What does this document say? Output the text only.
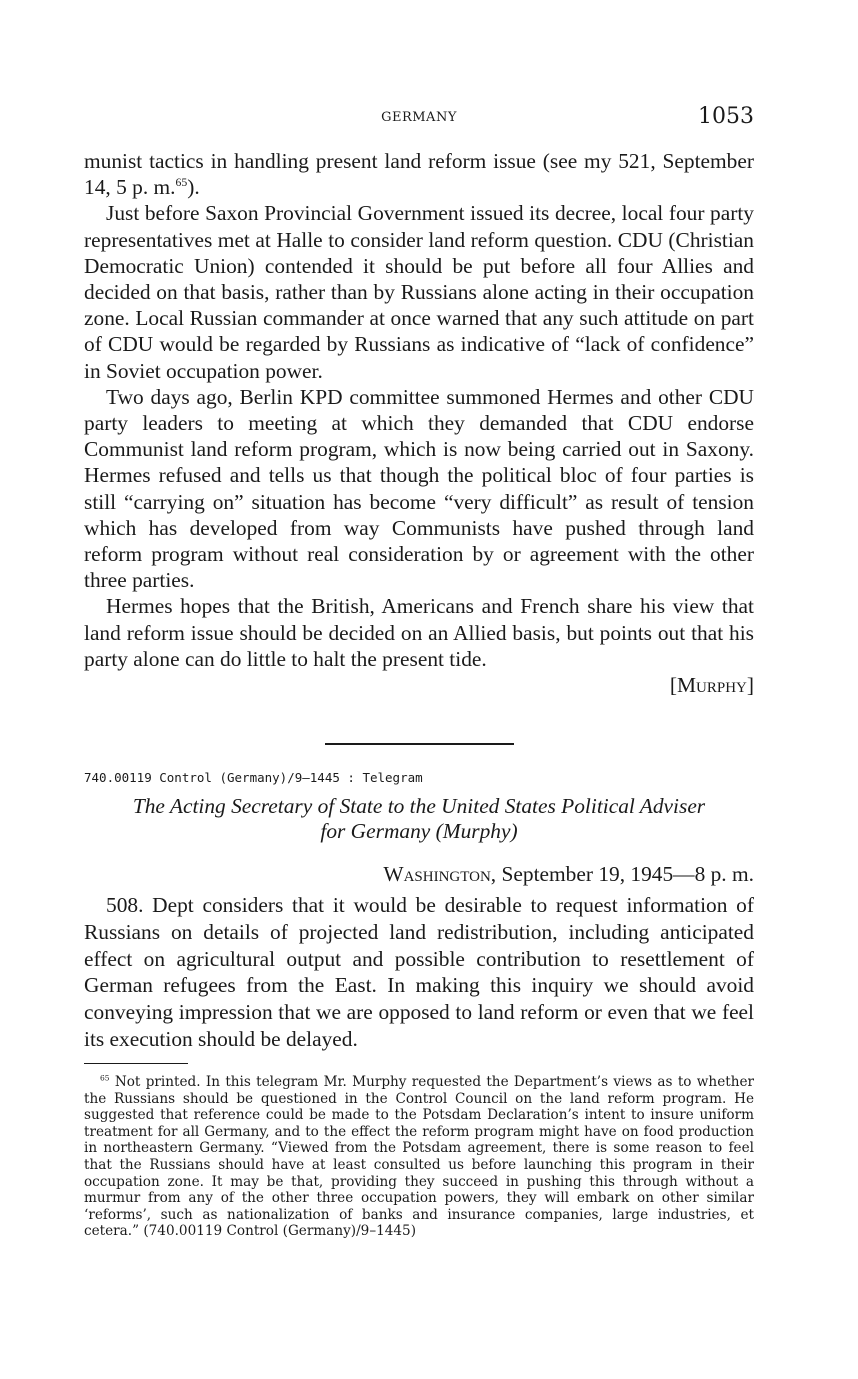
GERMANY	1053

munist tactics in handling present land reform issue (see my 521, September 14, 5 p. m.$^{65}$).

Just before Saxon Provincial Government issued its decree, local four party representatives met at Halle to consider land reform question. CDU (Christian Democratic Union) contended it should be put before all four Allies and decided on that basis, rather than by Russians alone acting in their occupation zone. Local Russian commander at once warned that any such attitude on part of CDU would be regarded by Russians as indicative of “lack of confidence” in Soviet occupation power.

Two days ago, Berlin KPD committee summoned Hermes and other CDU party leaders to meeting at which they demanded that CDU endorse Communist land reform program, which is now being carried out in Saxony. Hermes refused and tells us that though the political bloc of four parties is still “carrying on” situation has become “very difficult” as result of tension which has developed from way Communists have pushed through land reform program without real consideration by or agreement with the other three parties.

Hermes hopes that the British, Americans and French share his view that land reform issue should be decided on an Allied basis, but points out that his party alone can do little to halt the present tide.

[Murphy]

740.00119 Control (Germany)/9–1445 : Telegram
The Acting Secretary of State to the United States Political Adviser
for Germany (Murphy)
Washington, September 19, 1945—8 p. m.

508. Dept considers that it would be desirable to request information of Russians on details of projected land redistribution, including anticipated effect on agricultural output and possible contribution to resettlement of German refugees from the East. In making this inquiry we should avoid conveying impression that we are opposed to land reform or even that we feel its execution should be delayed.

$^{65}$ Not printed. In this telegram Mr. Murphy requested the Department’s views as to whether the Russians should be questioned in the Control Council on the land reform program. He suggested that reference could be made to the Potsdam Declaration’s intent to insure uniform treatment for all Germany, and to the effect the reform program might have on food production in northeastern Germany. “Viewed from the Potsdam agreement, there is some reason to feel that the Russians should have at least consulted us before launching this program in their occupation zone. It may be that, providing they succeed in pushing this through without a murmur from any of the other three occupation powers, they will embark on other similar ‘reforms’, such as nationalization of banks and insurance companies, large industries, et cetera.” (740.00119 Control (Germany)/9–1445)
